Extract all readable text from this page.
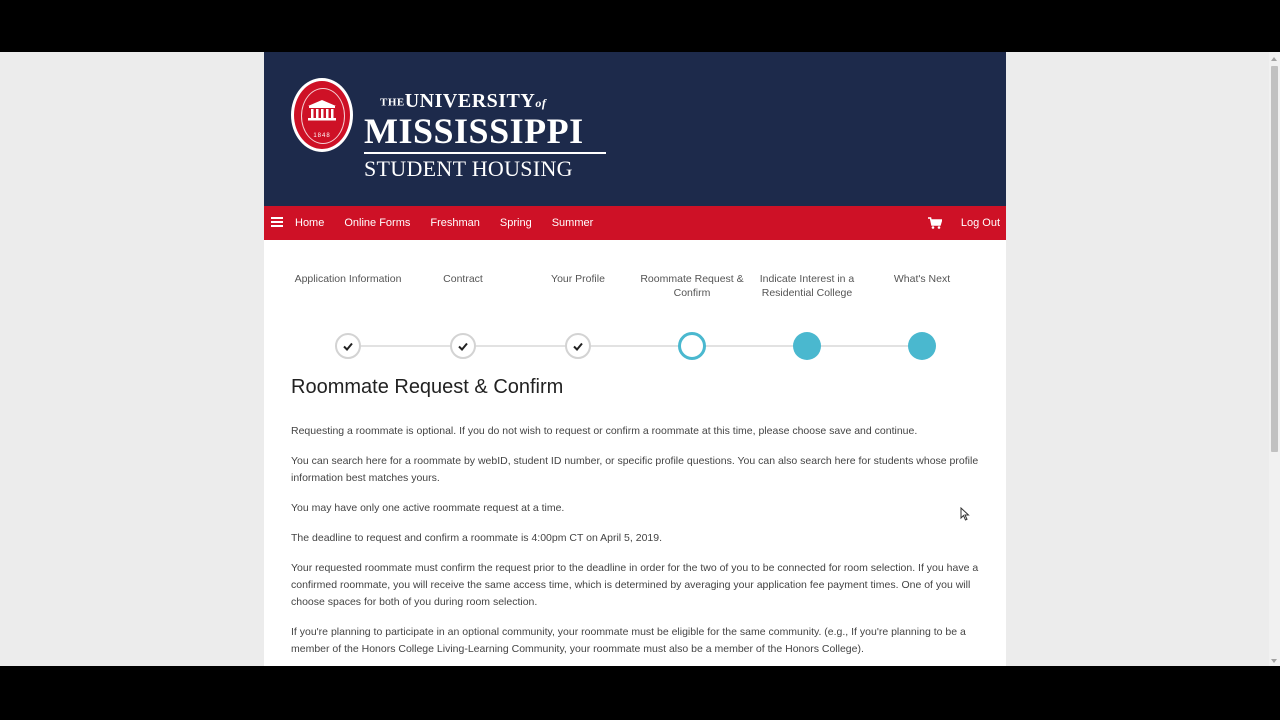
1848
THEUNIVERSITYof
MISSISSIPPI
STUDENT HOUSING
Home Online Forms Freshman Spring Summer	Log Out
Application Information	Contract	Your Profile	Roommate Request & Confirm
Indicate Interest in a Residential College
What's Next
Roommate Request & Confirm

Requesting a roommate is optional. If you do not wish to request or confirm a roommate at this time, please choose save and continue.

You can search here for a roommate by webID, student ID number, or specific profile questions. You can also search here for students whose profile information best matches yours.

You may have only one active roommate request at a time.

The deadline to request and confirm a roommate is 4:00pm CT on April 5, 2019.

Your requested roommate must confirm the request prior to the deadline in order for the two of you to be connected for room selection. If you have a confirmed roommate, you will receive the same access time, which is determined by averaging your application fee payment times. One of you will choose spaces for both of you during room selection.

If you're planning to participate in an optional community, your roommate must be eligible for the same community. (e.g., If you're planning to be a member of the Honors College Living-Learning Community, your roommate must also be a member of the Honors College).
